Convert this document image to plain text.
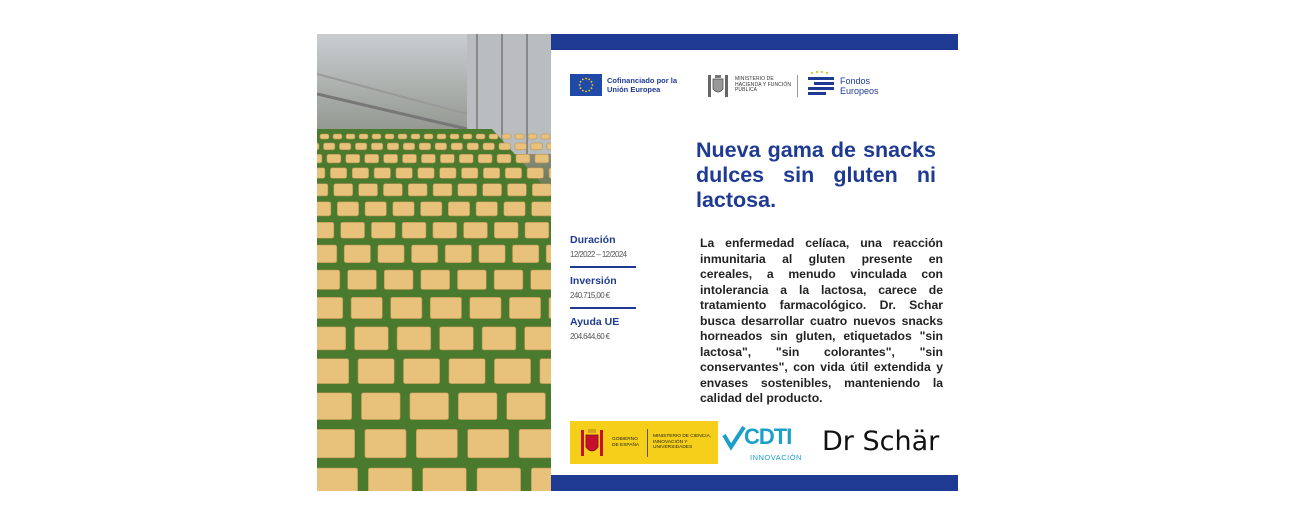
Cofinanciado por la Unión Europea
MINISTERIO DE HACIENDA Y FUNCIÓN PÚBLICA
Fondos Europeos
Nueva gama de snacks dulces sin gluten ni lactosa.
Duración
12/2022 – 12/2024
Inversión
240.715,00 €
Ayuda UE
204.644,60 €
La enfermedad celíaca, una reacción inmunitaria al gluten presente en cereales, a menudo vinculada con intolerancia a la lactosa, carece de tratamiento farmacológico. Dr. Schar busca desarrollar cuatro nuevos snacks horneados sin gluten, etiquetados "sin lactosa", "sin colorantes", "sin conservantes", con vida útil extendida y envases sostenibles, manteniendo la calidad del producto.
GOBIERNO DE ESPAÑA
MINISTERIO DE CIENCIA, INNOVACIÓN Y UNIVERSIDADES	CDTI
INNOVACIÓN
Dr Schär
